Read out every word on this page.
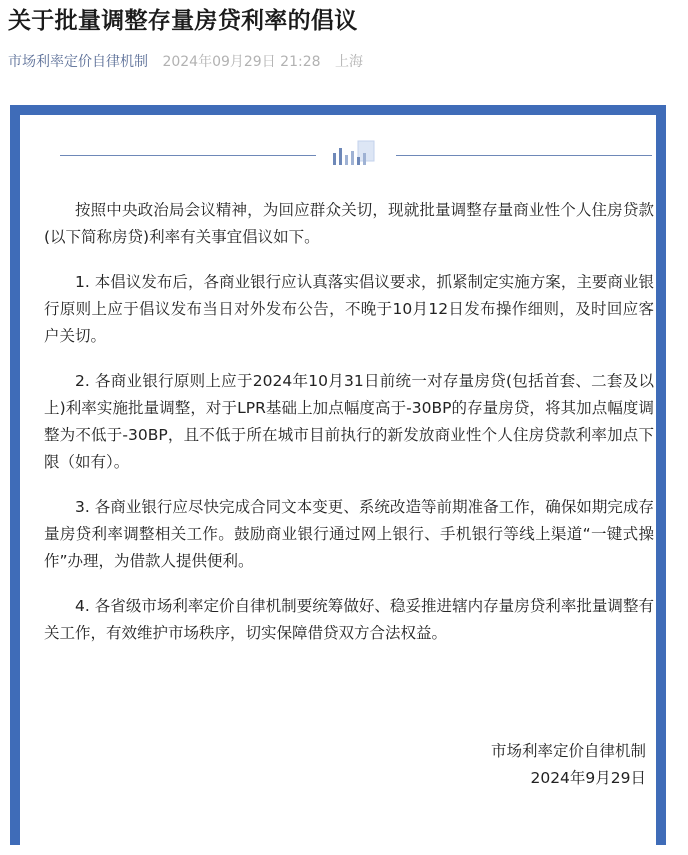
关于批量调整存量房贷利率的倡议
市场利率定价自律机制 2024年09月29日 21:28 上海

按照中央政治局会议精神，为回应群众关切，现就批量调整存量商业性个人住房贷款(以下简称房贷)利率有关事宜倡议如下。

1. 本倡议发布后，各商业银行应认真落实倡议要求，抓紧制定实施方案，主要商业银行原则上应于倡议发布当日对外发布公告，不晚于10月12日发布操作细则，及时回应客户关切。

2. 各商业银行原则上应于2024年10月31日前统一对存量房贷(包括首套、二套及以上)利率实施批量调整，对于LPR基础上加点幅度高于-30BP的存量房贷，将其加点幅度调整为不低于-30BP，且不低于所在城市目前执行的新发放商业性个人住房贷款利率加点下限（如有）。

3. 各商业银行应尽快完成合同文本变更、系统改造等前期准备工作，确保如期完成存量房贷利率调整相关工作。鼓励商业银行通过网上银行、手机银行等线上渠道“一键式操作”办理，为借款人提供便利。

4. 各省级市场利率定价自律机制要统筹做好、稳妥推进辖内存量房贷利率批量调整有关工作，有效维护市场秩序，切实保障借贷双方合法权益。

市场利率定价自律机制
2024年9月29日
